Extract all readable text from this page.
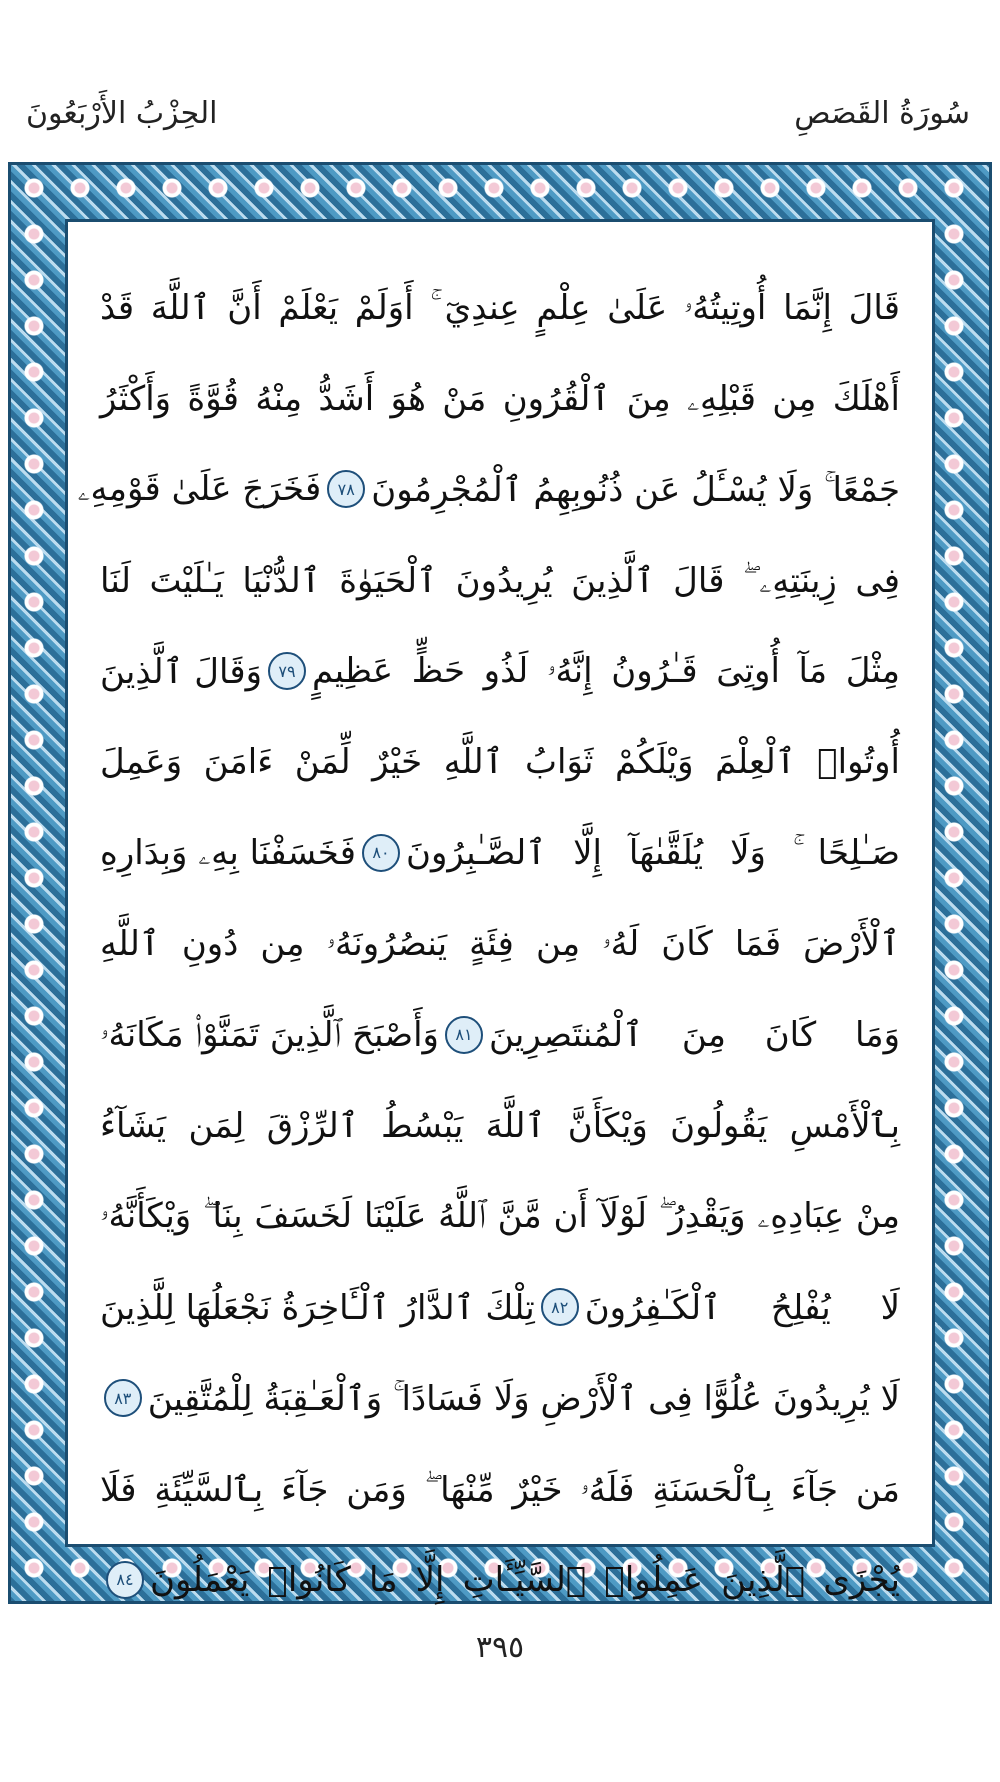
سُورَةُ القَصَصِ
الحِزْبُ الأَرْبَعُونَ
قَالَ إِنَّمَا أُوتِيتُهُۥ عَلَىٰ عِلْمٍ عِندِيٓ ۚ أَوَلَمْ يَعْلَمْ أَنَّ ٱللَّهَ قَدْ
أَهْلَكَ مِن قَبْلِهِۦ مِنَ ٱلْقُرُونِ مَنْ هُوَ أَشَدُّ مِنْهُ قُوَّةً وَأَكْثَرُ
جَمْعًا ۚ وَلَا يُسْـَٔلُ عَن ذُنُوبِهِمُ ٱلْمُجْرِمُونَ
٧٨
فَخَرَجَ عَلَىٰ قَوْمِهِۦ
فِى زِينَتِهِۦ ۖ قَالَ ٱلَّذِينَ يُرِيدُونَ ٱلْحَيَوٰةَ ٱلدُّنْيَا يَـٰلَيْتَ لَنَا
مِثْلَ مَآ أُوتِىَ قَـٰرُونُ إِنَّهُۥ لَذُو حَظٍّ عَظِيمٍ
٧٩
وَقَالَ ٱلَّذِينَ
أُوتُوا۟ ٱلْعِلْمَ وَيْلَكُمْ ثَوَابُ ٱللَّهِ خَيْرٌ لِّمَنْ ءَامَنَ وَعَمِلَ
صَـٰلِحًا ۚ وَلَا يُلَقَّىٰهَآ إِلَّا ٱلصَّـٰبِرُونَ
٨٠
فَخَسَفْنَا بِهِۦ وَبِدَارِهِ
ٱلْأَرْضَ فَمَا كَانَ لَهُۥ مِن فِئَةٍ يَنصُرُونَهُۥ مِن دُونِ ٱللَّهِ
وَمَا كَانَ مِنَ ٱلْمُنتَصِرِينَ
٨١
وَأَصْبَحَ ٱلَّذِينَ تَمَنَّوْا۟ مَكَانَهُۥ
بِٱلْأَمْسِ يَقُولُونَ وَيْكَأَنَّ ٱللَّهَ يَبْسُطُ ٱلرِّزْقَ لِمَن يَشَآءُ
مِنْ عِبَادِهِۦ وَيَقْدِرُ ۖ لَوْلَآ أَن مَّنَّ ٱللَّهُ عَلَيْنَا لَخَسَفَ بِنَا ۖ وَيْكَأَنَّهُۥ
لَا يُفْلِحُ ٱلْكَـٰفِرُونَ
٨٢
تِلْكَ ٱلدَّارُ ٱلْـَٔاخِرَةُ نَجْعَلُهَا لِلَّذِينَ
لَا يُرِيدُونَ عُلُوًّا فِى ٱلْأَرْضِ وَلَا فَسَادًا ۚ وَٱلْعَـٰقِبَةُ لِلْمُتَّقِينَ
٨٣
مَن جَآءَ بِٱلْحَسَنَةِ فَلَهُۥ خَيْرٌ مِّنْهَا ۖ وَمَن جَآءَ بِٱلسَّيِّئَةِ فَلَا
يُجْزَى ٱلَّذِينَ عَمِلُوا۟ ٱلسَّيِّـَٔاتِ إِلَّا مَا كَانُوا۟ يَعْمَلُونَ
٨٤
٣٩٥
